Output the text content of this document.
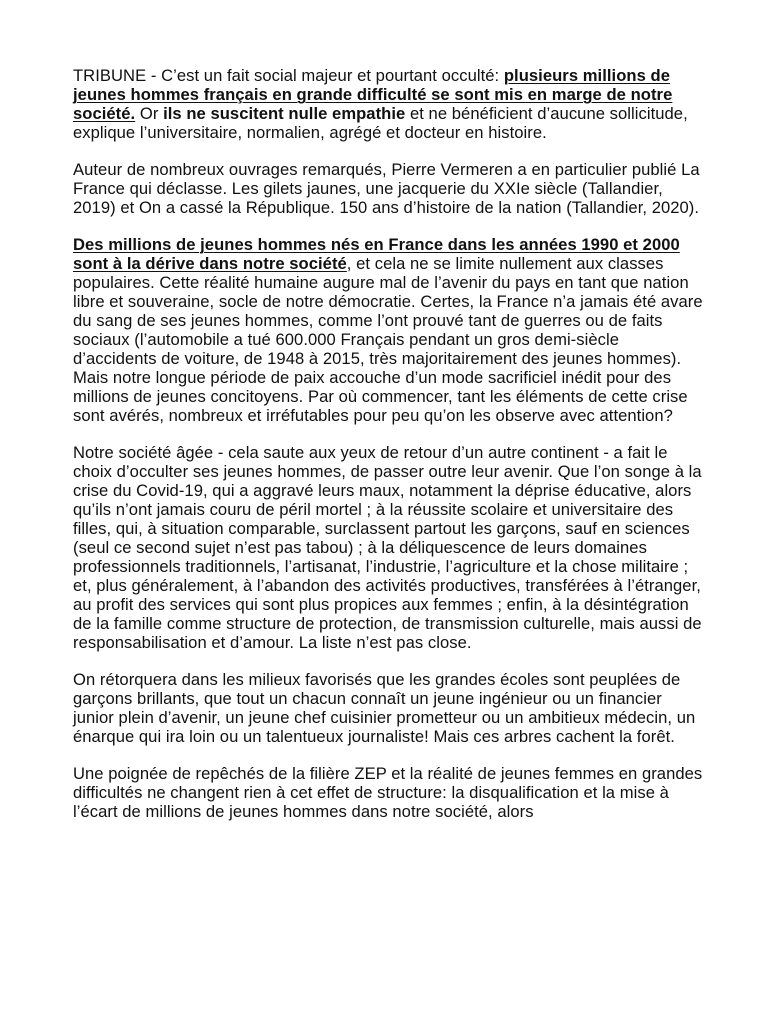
TRIBUNE - C’est un fait social majeur et pourtant occulté: plusieurs millions de jeunes hommes français en grande difficulté se sont mis en marge de notre société. Or ils ne suscitent nulle empathie et ne bénéficient d’aucune sollicitude, explique l’universitaire, normalien, agrégé et docteur en histoire.

Auteur de nombreux ouvrages remarqués, Pierre Vermeren a en particulier publié La France qui déclasse. Les gilets jaunes, une jacquerie du XXIe siècle (Tallandier, 2019) et On a cassé la République. 150 ans d’histoire de la nation (Tallandier, 2020).

Des millions de jeunes hommes nés en France dans les années 1990 et 2000 sont à la dérive dans notre société, et cela ne se limite nullement aux classes populaires. Cette réalité humaine augure mal de l’avenir du pays en tant que nation libre et souveraine, socle de notre démocratie. Certes, la France n’a jamais été avare du sang de ses jeunes hommes, comme l’ont prouvé tant de guerres ou de faits sociaux (l’automobile a tué 600.000 Français pendant un gros demi-siècle d’accidents de voiture, de 1948 à 2015, très majoritairement des jeunes hommes). Mais notre longue période de paix accouche d’un mode sacrificiel inédit pour des millions de jeunes concitoyens. Par où commencer, tant les éléments de cette crise sont avérés, nombreux et irréfutables pour peu qu’on les observe avec attention?

Notre société âgée - cela saute aux yeux de retour d’un autre continent - a fait le choix d’occulter ses jeunes hommes, de passer outre leur avenir. Que l’on songe à la crise du Covid-19, qui a aggravé leurs maux, notamment la déprise éducative, alors qu’ils n’ont jamais couru de péril mortel ; à la réussite scolaire et universitaire des filles, qui, à situation comparable, surclassent partout les garçons, sauf en sciences (seul ce second sujet n’est pas tabou) ; à la déliquescence de leurs domaines professionnels traditionnels, l’artisanat, l’industrie, l’agriculture et la chose militaire ; et, plus généralement, à l’abandon des activités productives, transférées à l’étranger, au profit des services qui sont plus propices aux femmes ; enfin, à la désintégration de la famille comme structure de protection, de transmission culturelle, mais aussi de responsabilisation et d’amour. La liste n’est pas close.

On rétorquera dans les milieux favorisés que les grandes écoles sont peuplées de garçons brillants, que tout un chacun connaît un jeune ingénieur ou un financier junior plein d’avenir, un jeune chef cuisinier prometteur ou un ambitieux médecin, un énarque qui ira loin ou un talentueux journaliste! Mais ces arbres cachent la forêt.

Une poignée de repêchés de la filière ZEP et la réalité de jeunes femmes en grandes difficultés ne changent rien à cet effet de structure: la disqualification et la mise à l’écart de millions de jeunes hommes dans notre société, alors
